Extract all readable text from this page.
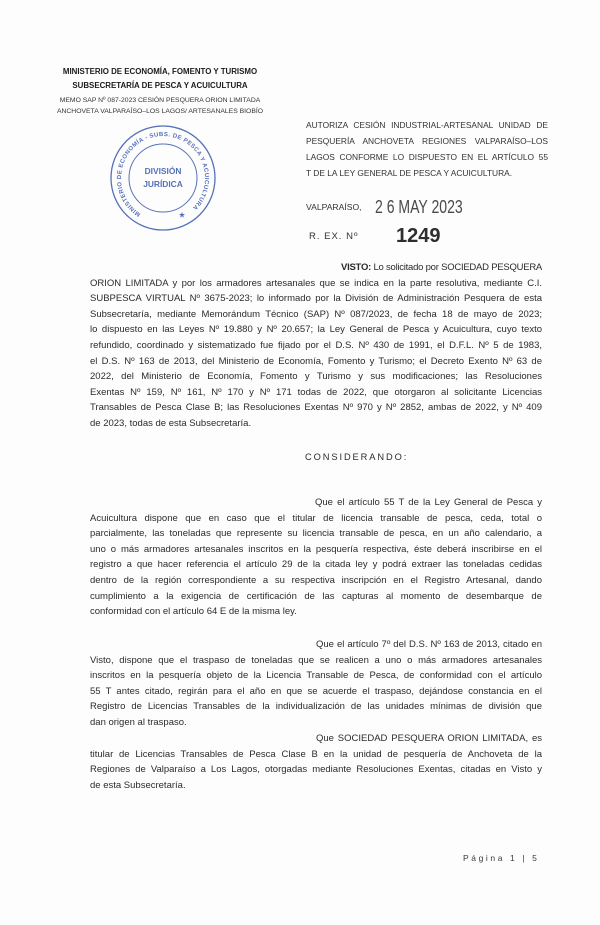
MINISTERIO DE ECONOMÍA, FOMENTO Y TURISMO
SUBSECRETARÍA DE PESCA Y ACUICULTURA
MEMO SAP Nº 087-2023 CESIÓN PESQUERA ORION LIMITADA
ANCHOVETA VALPARAÍSO–LOS LAGOS/ ARTESANALES BIOBÍO
MINISTERIO DE ECONOMÍA - SUBS. DE PESCA Y ACUICULTURA
DIVISIÓN
JURÍDICA
AUTORIZA CESIÓN INDUSTRIAL-ARTESANAL UNIDAD DE
PESQUERÍA ANCHOVETA REGIONES VALPARAÍSO–LOS
LAGOS CONFORME LO DISPUESTO EN EL ARTÍCULO 55
T DE LA LEY GENERAL DE PESCA Y ACUICULTURA.
VALPARAÍSO, 2 6 MAY 2023
R. EX. Nº 1249
VISTO: Lo solicitado por SOCIEDAD PESQUERA
ORION LIMITADA y por los armadores artesanales que se indica en la parte resolutiva, mediante C.I.
SUBPESCA VIRTUAL Nº 3675-2023; lo informado por la División de Administración Pesquera de esta
Subsecretaría, mediante Memorándum Técnico (SAP) Nº 087/2023, de fecha 18 de mayo de 2023;
lo dispuesto en las Leyes Nº 19.880 y Nº 20.657; la Ley General de Pesca y Acuicultura, cuyo texto
refundido, coordinado y sistematizado fue fijado por el D.S. Nº 430 de 1991, el D.F.L. Nº 5 de 1983,
el D.S. Nº 163 de 2013, del Ministerio de Economía, Fomento y Turismo; el Decreto Exento Nº 63 de
2022, del Ministerio de Economía, Fomento y Turismo y sus modificaciones; las Resoluciones
Exentas Nº 159, Nº 161, Nº 170 y Nº 171 todas de 2022, que otorgaron al solicitante Licencias
Transables de Pesca Clase B; las Resoluciones Exentas Nº 970 y Nº 2852, ambas de 2022, y Nº 409
de 2023, todas de esta Subsecretaría.
CONSIDERANDO:
Que el artículo 55 T de la Ley General de Pesca y
Acuicultura dispone que en caso que el titular de licencia transable de pesca, ceda, total o
parcialmente, las toneladas que represente su licencia transable de pesca, en un año calendario, a
uno o más armadores artesanales inscritos en la pesquería respectiva, éste deberá inscribirse en el
registro a que hacer referencia el artículo 29 de la citada ley y podrá extraer las toneladas cedidas
dentro de la región correspondiente a su respectiva inscripción en el Registro Artesanal, dando
cumplimiento a la exigencia de certificación de las capturas al momento de desembarque de
conformidad con el artículo 64 E de la misma ley.
Que el artículo 7º del D.S. Nº 163 de 2013, citado en
Visto, dispone que el traspaso de toneladas que se realicen a uno o más armadores artesanales
inscritos en la pesquería objeto de la Licencia Transable de Pesca, de conformidad con el artículo
55 T antes citado, regirán para el año en que se acuerde el traspaso, dejándose constancia en el
Registro de Licencias Transables de la individualización de las unidades mínimas de división que
dan origen al traspaso.
Que SOCIEDAD PESQUERA ORION LIMITADA, es
titular de Licencias Transables de Pesca Clase B en la unidad de pesquería de Anchoveta de la
Regiones de Valparaíso a Los Lagos, otorgadas mediante Resoluciones Exentas, citadas en Visto y
de esta Subsecretaría.
Página 1 | 5
